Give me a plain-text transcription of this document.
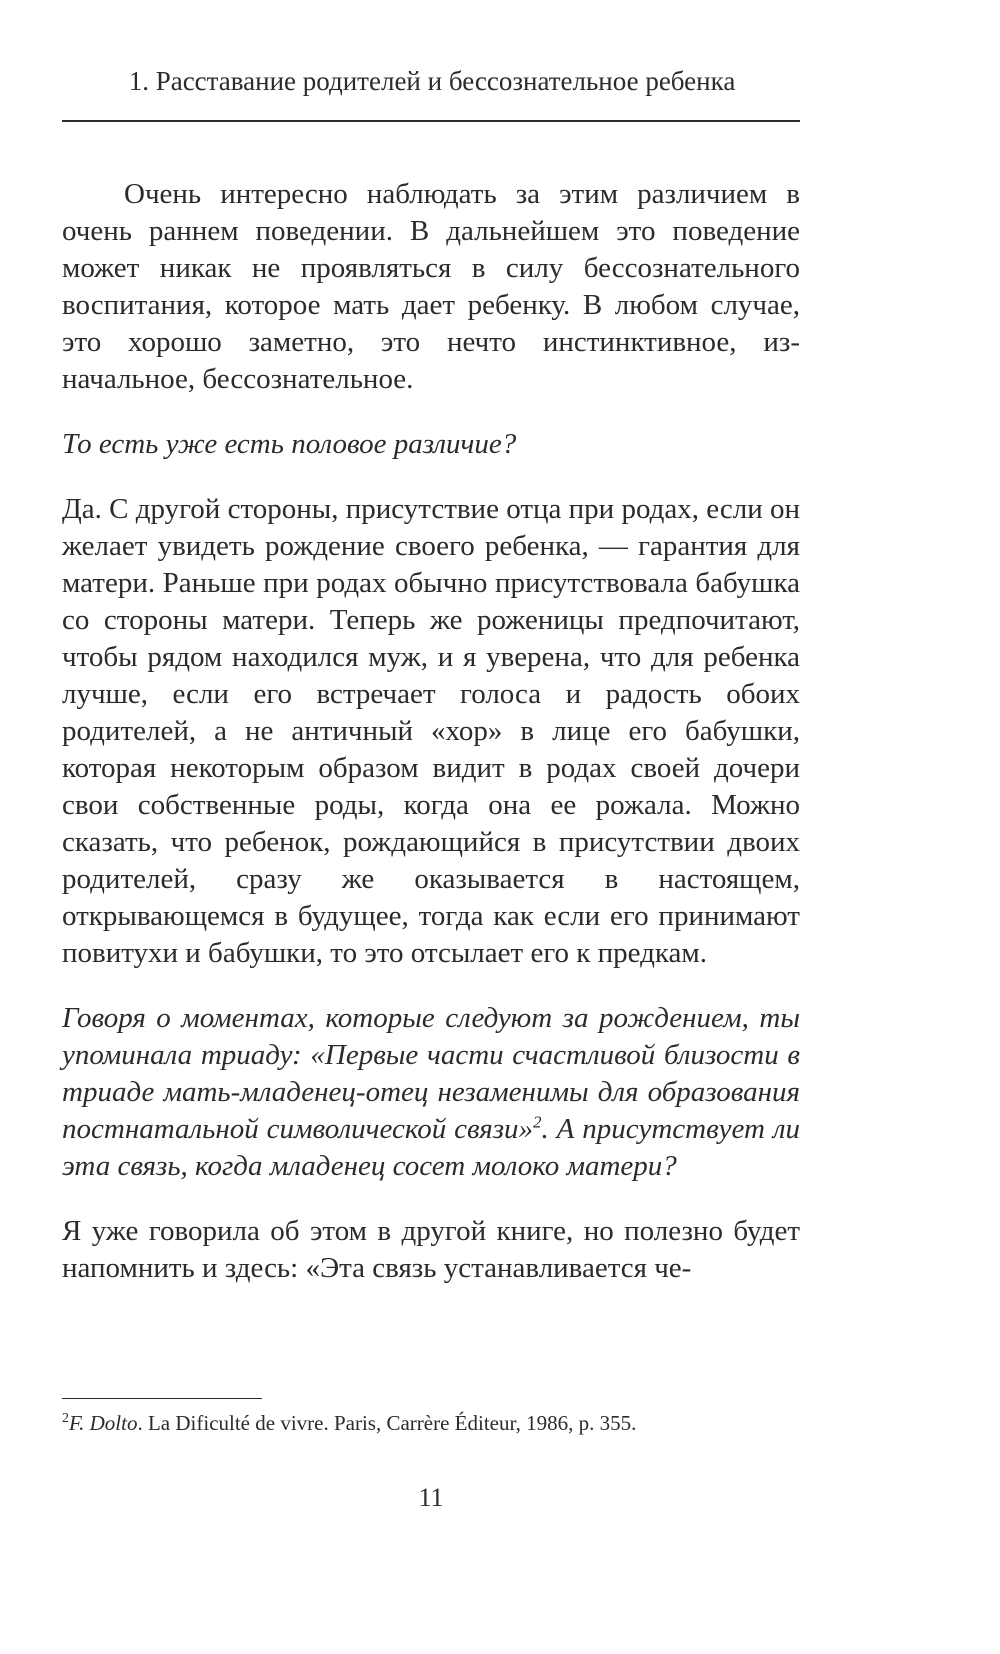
1. Расставание родителей и бессознательное ребенка

Очень интересно наблюдать за этим различием в очень раннем поведении. В дальнейшем это поведение может никак не проявляться в силу бессознательного воспитания, которое мать дает ребенку. В любом случае, это хорошо заметно, это нечто инстинктивное, изначальное, бессознательное.

То есть уже есть половое различие?

Да. С другой стороны, присутствие отца при родах, если он желает увидеть рождение своего ребенка, — гарантия для матери. Раньше при родах обычно присутствовала бабушка со стороны матери. Теперь же роженицы предпочитают, чтобы рядом находился муж, и я уверена, что для ребенка лучше, если его встречает голоса и радость обоих родителей, а не античный «хор» в лице его бабушки, которая некоторым образом видит в родах своей дочери свои собственные роды, когда она ее рожала. Можно сказать, что ребенок, рождающийся в присутствии двоих родителей, сразу же оказывается в настоящем, открывающемся в будущее, тогда как если его принимают повитухи и бабушки, то это отсылает его к предкам.

Говоря о моментах, которые следуют за рождением, ты упоминала триаду: «Первые части счастливой близости в триаде мать-младенец-отец незаменимы для образования постнатальной символической связи»$^2$. А присутствует ли эта связь, когда младенец сосет молоко матери?

Я уже говорила об этом в другой книге, но полезно будет напомнить и здесь: «Эта связь устанавливается че-

$^2$F. Dolto. La Dificulté de vivre. Paris, Carrère Éditeur, 1986, p. 355.
11
